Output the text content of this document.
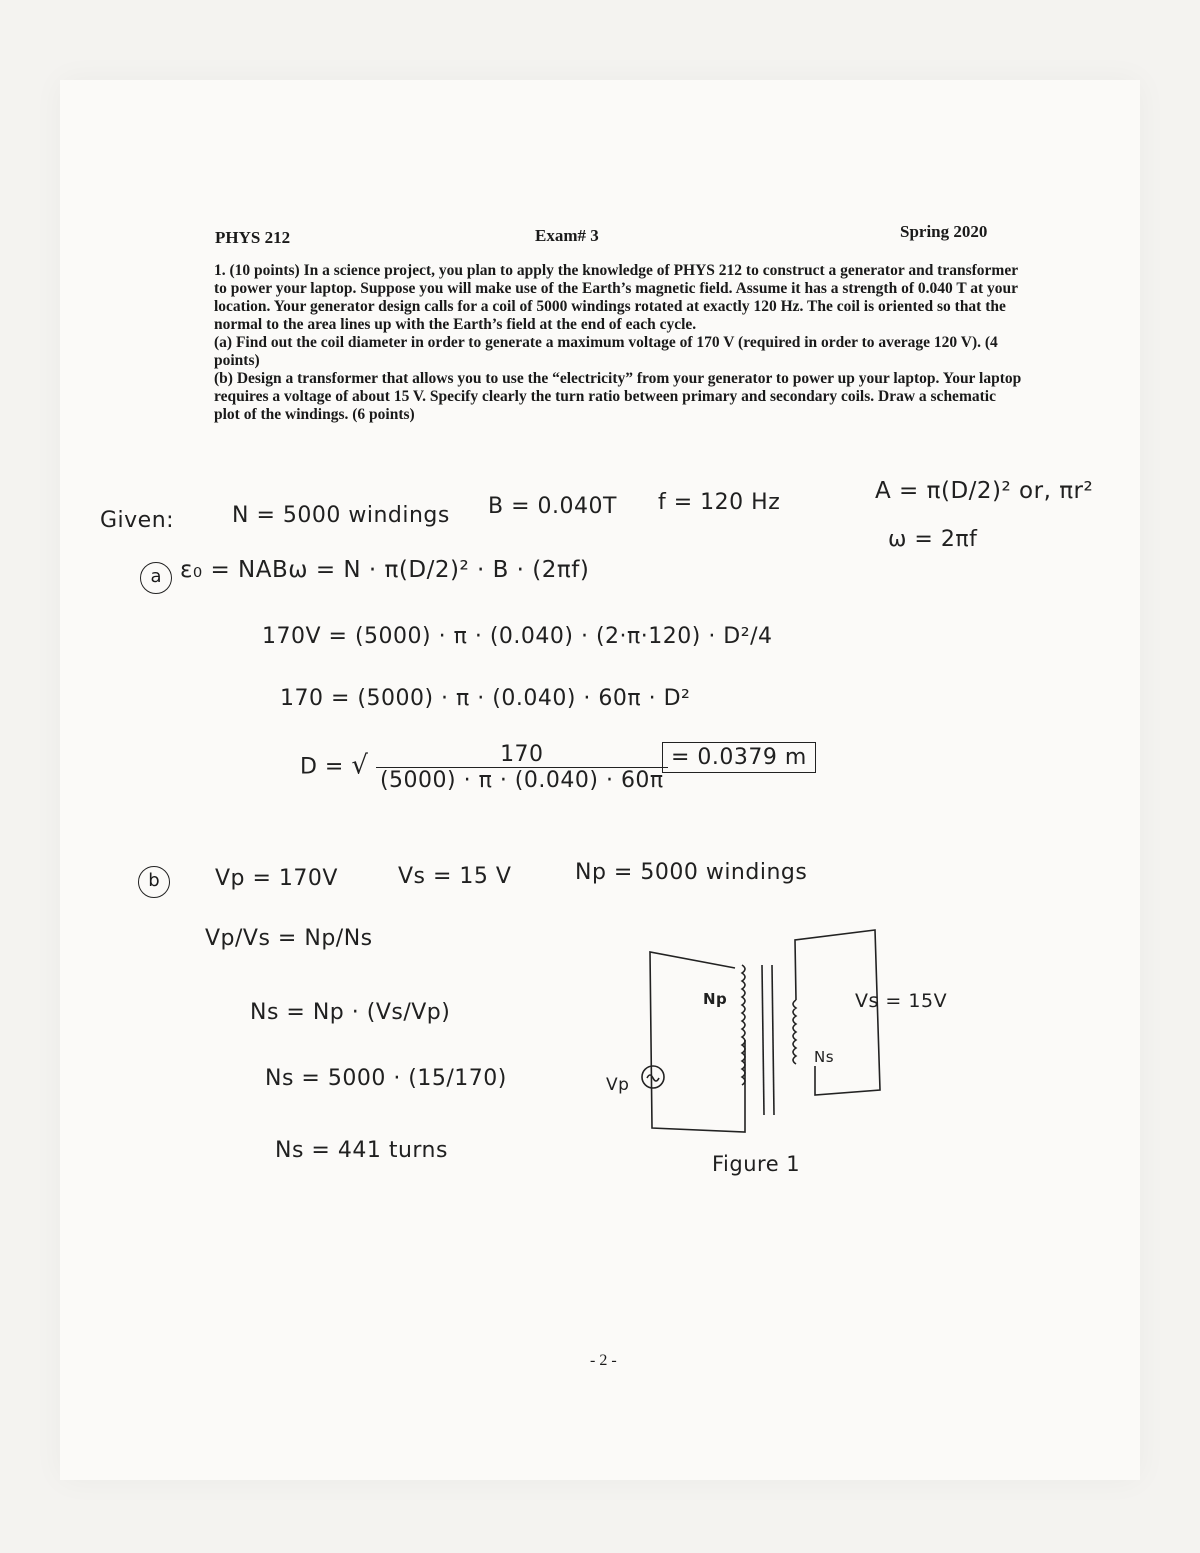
PHYS 212	Exam# 3	Spring 2020

1. (10 points) In a science project, you plan to apply the knowledge of PHYS 212 to construct a generator and transformer to power your laptop. Suppose you will make use of the Earth’s magnetic field. Assume it has a strength of 0.040 T at your location. Your generator design calls for a coil of 5000 windings rotated at exactly 120 Hz. The coil is oriented so that the normal to the area lines up with the Earth’s field at the end of each cycle.

(a) Find out the coil diameter in order to generate a maximum voltage of 170 V (required in order to average 120 V). (4 points)

(b) Design a transformer that allows you to use the “electricity” from your generator to power up your laptop. Your laptop requires a voltage of about 15 V. Specify clearly the turn ratio between primary and secondary coils. Draw a schematic plot of the windings. (6 points)

Given:	N = 5000 windings B = 0.040T f = 120 Hz	A = π(D/2)² or, πr²
ω = 2πf
a ε₀ = NABω = N · π(D/2)² · B · (2πf)
170V = (5000) · π · (0.040) · (2·π·120) · D²/4
170 = (5000) · π · (0.040) · 60π · D²
D = √ $\frac{170}{(5000) \cdot \pi \cdot (0.040) \cdot 60\pi} = 0.0379$ m
b	Vp = 170V	Vs = 15 V	Np = 5000 windings
Vp/Vs = Np/Ns
Ns = Np · (Vs/Vp)
Ns = 5000 · (15/170)
Ns = 441 turns
Np
Ns
Vp
Vs = 15V
Figure 1
- 2 -
